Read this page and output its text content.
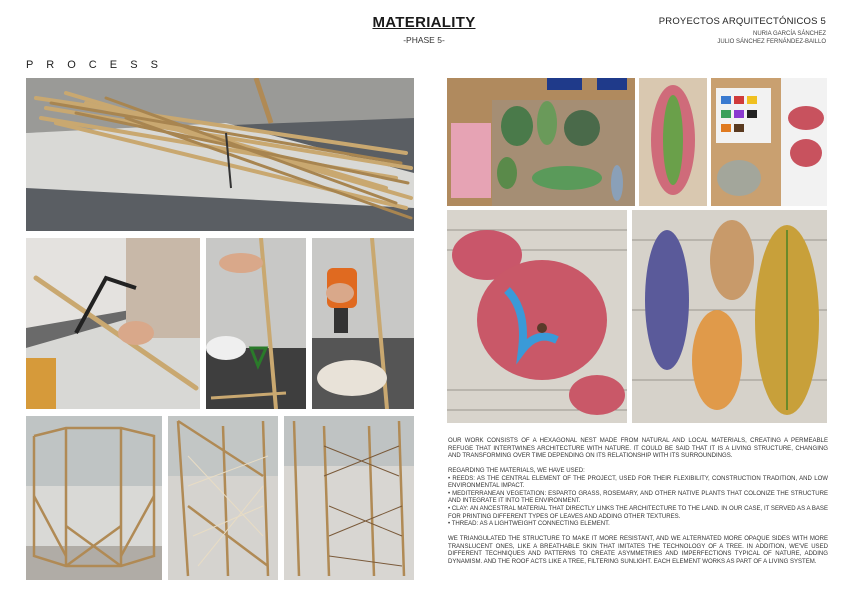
MATERIALITY
-PHASE 5-
PROYECTOS ARQUITECTÓNICOS 5
NURIA GARCÍA SÁNCHEZ
JULIO SÁNCHEZ FERNÁNDEZ-BAILLO
P R O C E S S

OUR WORK CONSISTS OF A HEXAGONAL NEST MADE FROM NATURAL AND LOCAL MATERIALS, CREATING A PERMEABLE REFUGE THAT INTERTWINES ARCHITECTURE WITH NATURE. IT COULD BE SAID THAT IT IS A LIVING STRUCTURE, CHANGING AND TRANSFORMING OVER TIME DEPENDING ON ITS RELATIONSHIP WITH ITS SURROUNDINGS.

REGARDING THE MATERIALS, WE HAVE USED:

• REEDS: AS THE CENTRAL ELEMENT OF THE PROJECT, USED FOR THEIR FLEXIBILITY, CONSTRUCTION TRADITION, AND LOW ENVIRONMENTAL IMPACT.

• MEDITERRANEAN VEGETATION: ESPARTO GRASS, ROSEMARY, AND OTHER NATIVE PLANTS THAT COLONIZE THE STRUCTURE AND INTEGRATE IT INTO THE ENVIRONMENT.

• CLAY: AN ANCESTRAL MATERIAL THAT DIRECTLY LINKS THE ARCHITECTURE TO THE LAND. IN OUR CASE, IT SERVED AS A BASE FOR PRINTING DIFFERENT TYPES OF LEAVES AND ADDING OTHER TEXTURES.

• THREAD: AS A LIGHTWEIGHT CONNECTING ELEMENT.

WE TRIANGULATED THE STRUCTURE TO MAKE IT MORE RESISTANT, AND WE ALTERNATED MORE OPAQUE SIDES WITH MORE TRANSLUCENT ONES, LIKE A BREATHABLE SKIN THAT IMITATES THE TECHNOLOGY OF A TREE. IN ADDITION, WE'VE USED DIFFERENT TECHNIQUES AND PATTERNS TO CREATE ASYMMETRIES AND IMPERFECTIONS TYPICAL OF NATURE, ADDING DYNAMISM. AND THE ROOF ACTS LIKE A TREE, FILTERING SUNLIGHT. EACH ELEMENT WORKS AS PART OF A LIVING SYSTEM.
